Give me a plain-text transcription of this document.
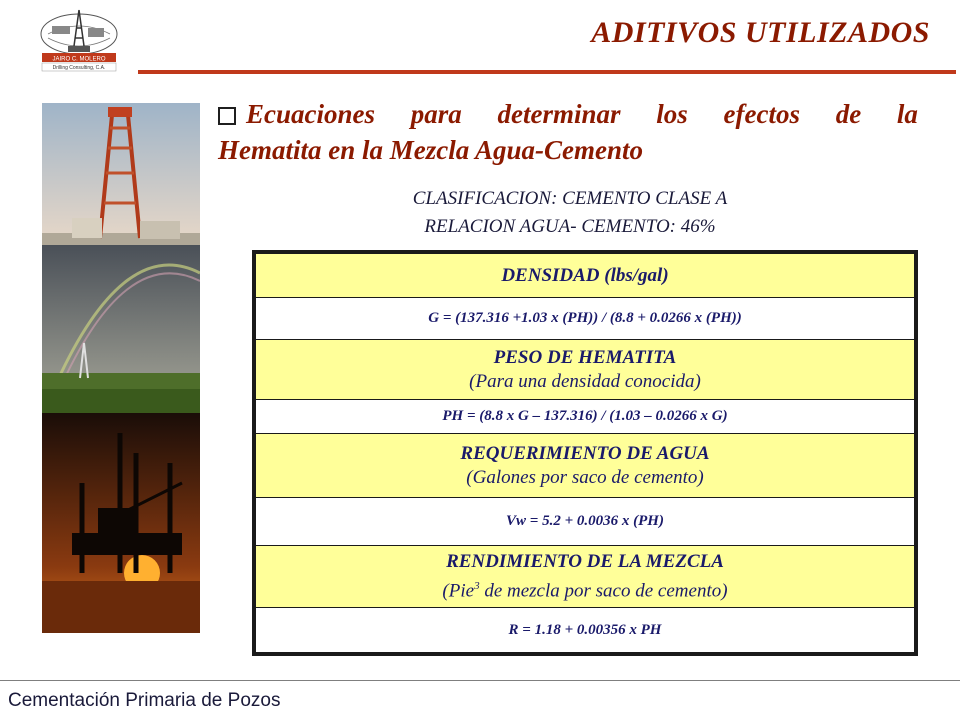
JAIRO C. MOLERO
Drilling Consulting, C.A.
ADITIVOS UTILIZADOS
Ecuaciones para determinar los efectos de la
Hematita en la Mezcla Agua-Cemento
CLASIFICACION: CEMENTO CLASE A
RELACION AGUA- CEMENTO: 46%
DENSIDAD (lbs/gal)
G = (137.316 +1.03 x (PH)) / (8.8 + 0.0266 x (PH))
PESO DE HEMATITA
(Para una densidad conocida)
PH = (8.8 x G – 137.316) / (1.03 – 0.0266 x G)
REQUERIMIENTO DE AGUA
(Galones por saco de cemento)
Vw = 5.2 + 0.0036 x (PH)
RENDIMIENTO DE LA MEZCLA
(Pie$^3$ de mezcla por saco de cemento)
R = 1.18 + 0.00356 x PH
Cementación Primaria de Pozos
